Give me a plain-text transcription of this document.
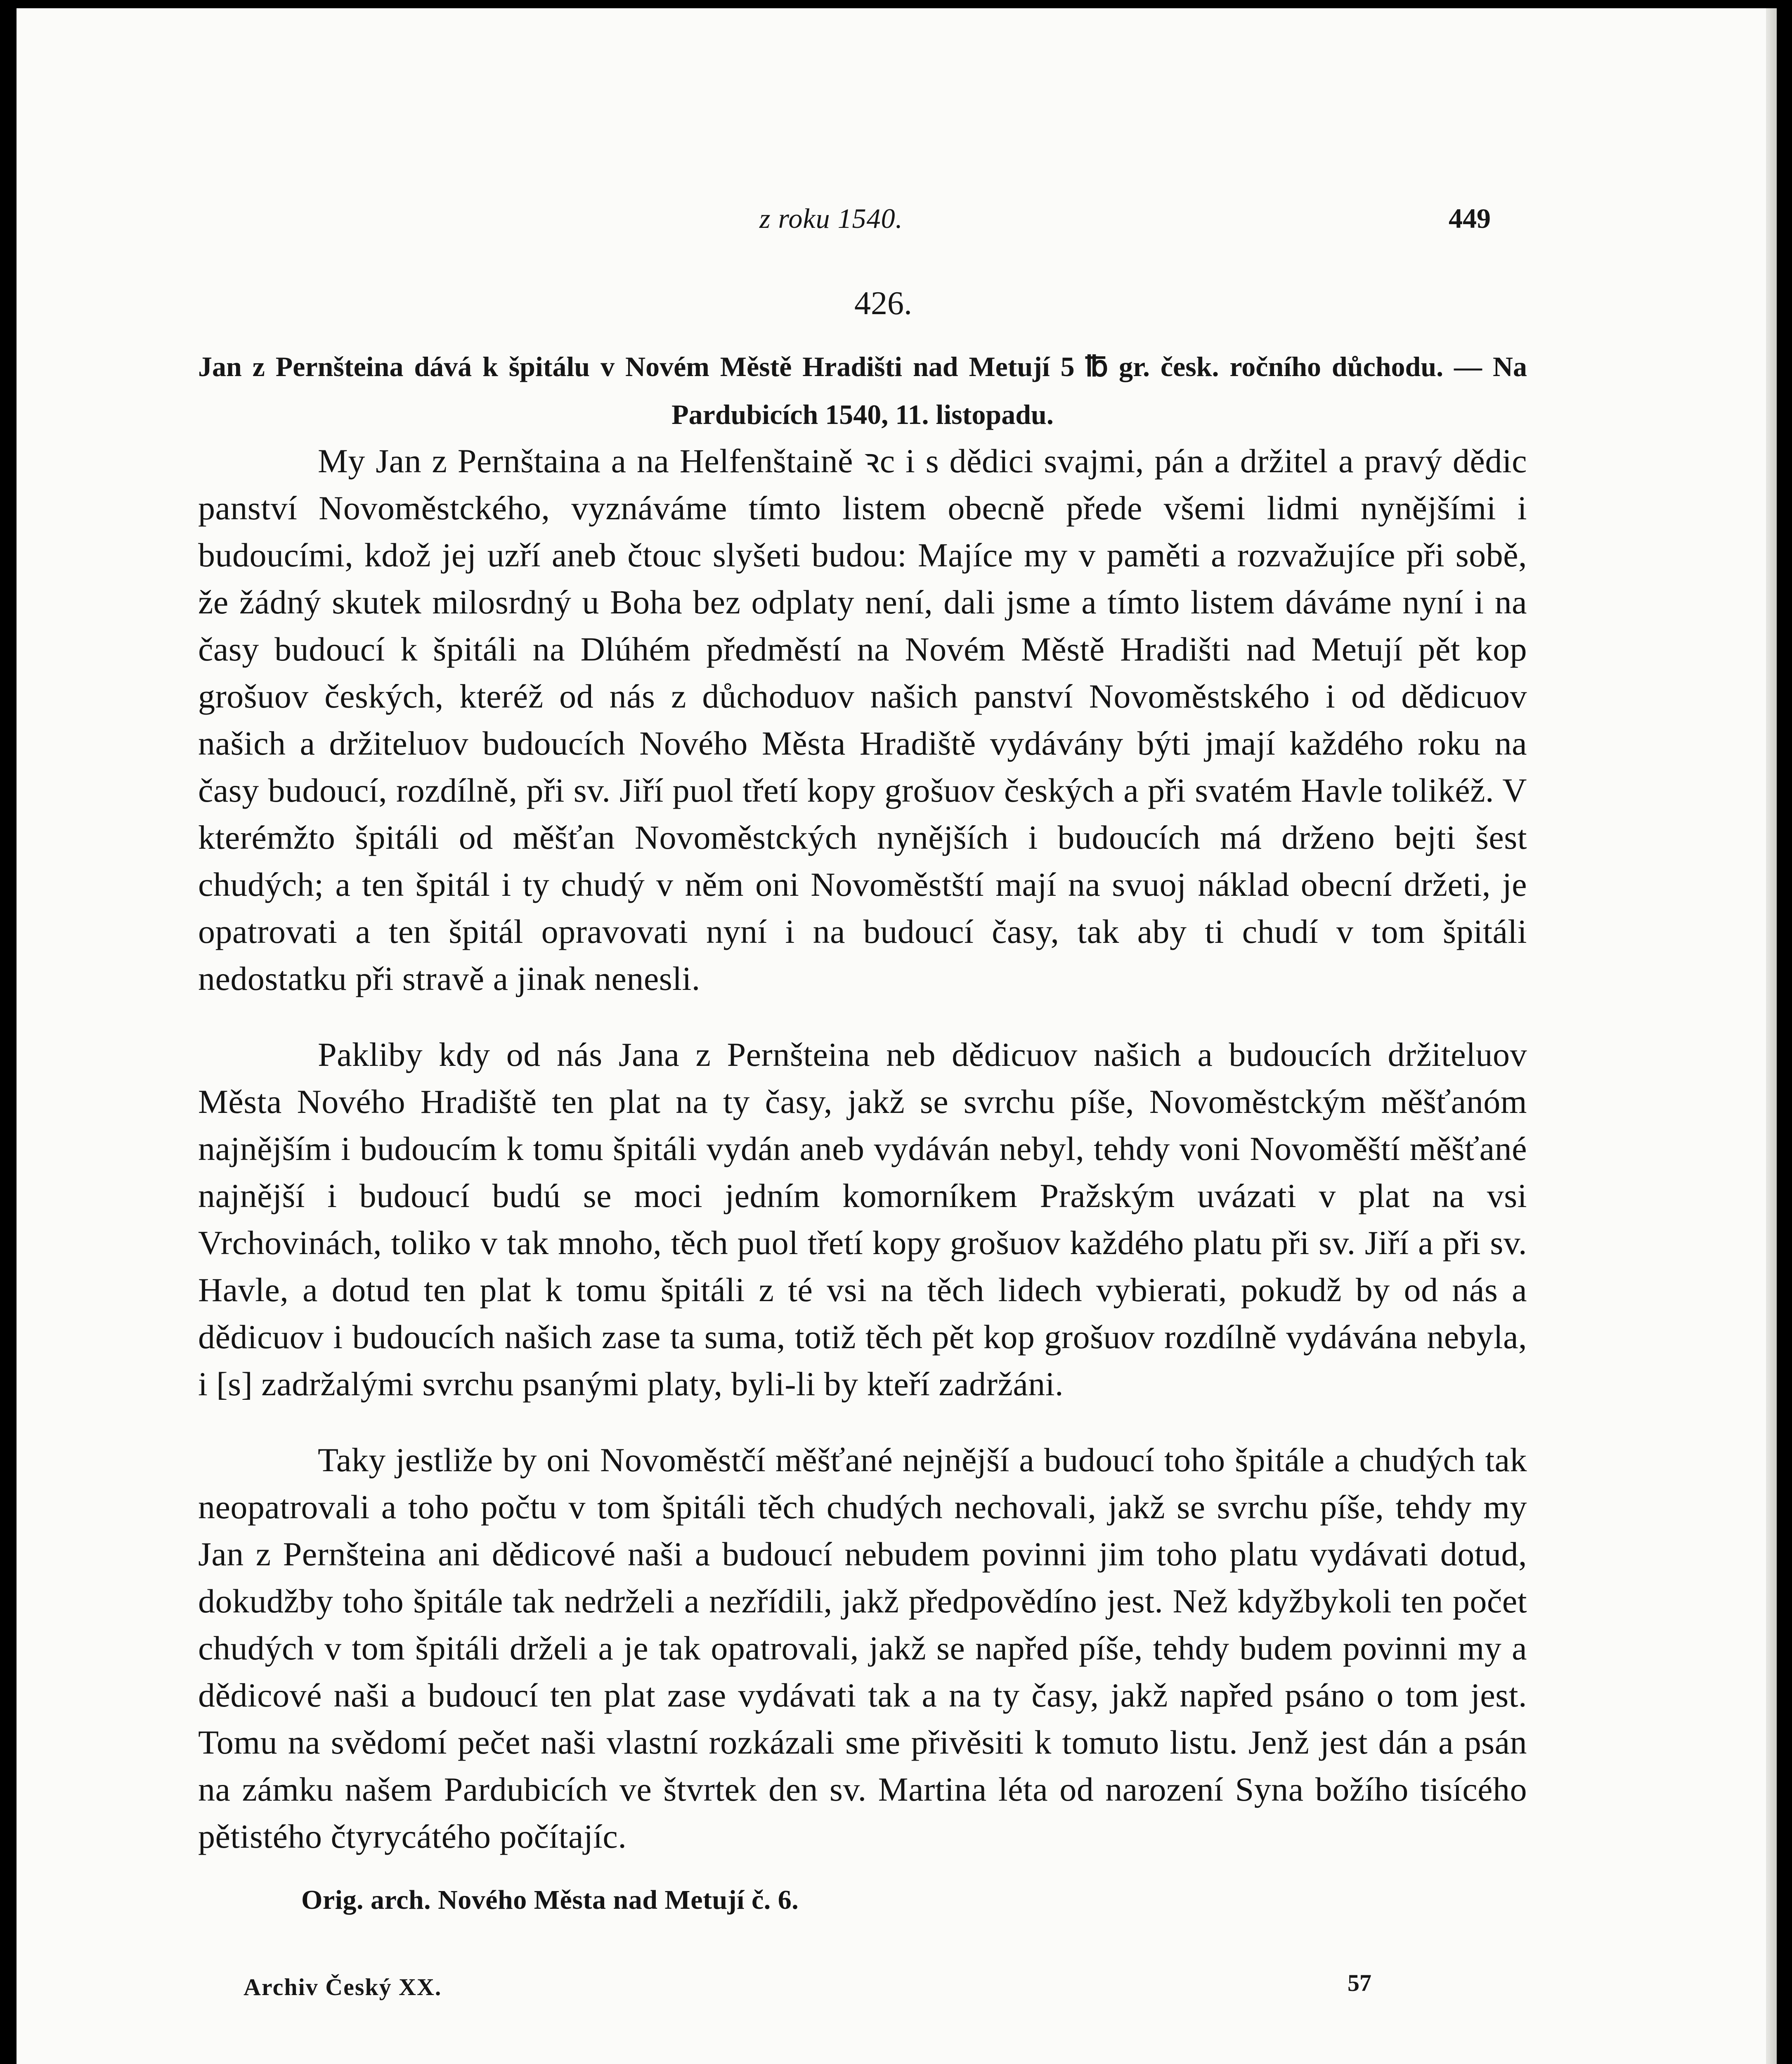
z roku 1540.	449
426.
Jan z Pernšteina dává k špitálu v Novém Městě Hradišti nad Metují 5 ℔ gr. česk. ročního důchodu. — Na Pardubicích 1540, 11. listopadu.

My Jan z Pernštaina a na Helfenštaině ꝛc i s dědici svajmi, pán a držitel a pravý dědic panství Novoměstckého, vyznáváme tímto listem obecně přede všemi lidmi nynějšími i budoucími, kdož jej uzří aneb čtouc slyšeti budou: Majíce my v paměti a rozvažujíce při sobě, že žádný skutek milosrdný u Boha bez odplaty není, dali jsme a tímto listem dáváme nyní i na časy budoucí k špitáli na Dlúhém předměstí na Novém Městě Hradišti nad Metují pět kop grošuov českých, kteréž od nás z důchoduov našich panství Novoměstského i od dědicuov našich a držiteluov budoucích Nového Města Hradiště vydávány býti jmají každého roku na časy budoucí, rozdílně, při sv. Jiří puol třetí kopy grošuov českých a při svatém Havle tolikéž. V kterémžto špitáli od měšťan Novoměstckých nynějších i budoucích má drženo bejti šest chudých; a ten špitál i ty chudý v něm oni Novoměstští mají na svuoj náklad obecní držeti, je opatrovati a ten špitál opravovati nyní i na budoucí časy, tak aby ti chudí v tom špitáli nedostatku při stravě a jinak nenesli.

Pakliby kdy od nás Jana z Pernšteina neb dědicuov našich a budoucích držiteluov Města Nového Hradiště ten plat na ty časy, jakž se svrchu píše, Novoměstckým měšťanóm najnějším i budoucím k tomu špitáli vydán aneb vydáván nebyl, tehdy voni Novoměští měšťané najnější i budoucí budú se moci jedním komorníkem Pražským uvázati v plat na vsi Vrchovinách, toliko v tak mnoho, těch puol třetí kopy grošuov každého platu při sv. Jiří a při sv. Havle, a dotud ten plat k tomu špitáli z té vsi na těch lidech vybierati, pokudž by od nás a dědicuov i budoucích našich zase ta suma, totiž těch pět kop grošuov rozdílně vydávána nebyla, i [s] zadržalými svrchu psanými platy, byli-li by kteří zadržáni.

Taky jestliže by oni Novoměstčí měšťané nejnější a budoucí toho špitále a chudých tak neopatrovali a toho počtu v tom špitáli těch chudých nechovali, jakž se svrchu píše, tehdy my Jan z Pernšteina ani dědicové naši a budoucí nebudem povinni jim toho platu vydávati dotud, dokudžby toho špitále tak nedrželi a nezřídili, jakž předpovědíno jest. Než kdyžbykoli ten počet chudých v tom špitáli drželi a je tak opatrovali, jakž se napřed píše, tehdy budem povinni my a dědicové naši a budoucí ten plat zase vydávati tak a na ty časy, jakž napřed psáno o tom jest. Tomu na svědomí pečet naši vlastní rozkázali sme přivěsiti k tomuto listu. Jenž jest dán a psán na zámku našem Pardubicích ve štvrtek den sv. Martina léta od narození Syna božího tisícého pětistého čtyrycátého počítajíc.

Orig. arch. Nového Města nad Metují č. 6.

Archiv Český XX.	57
